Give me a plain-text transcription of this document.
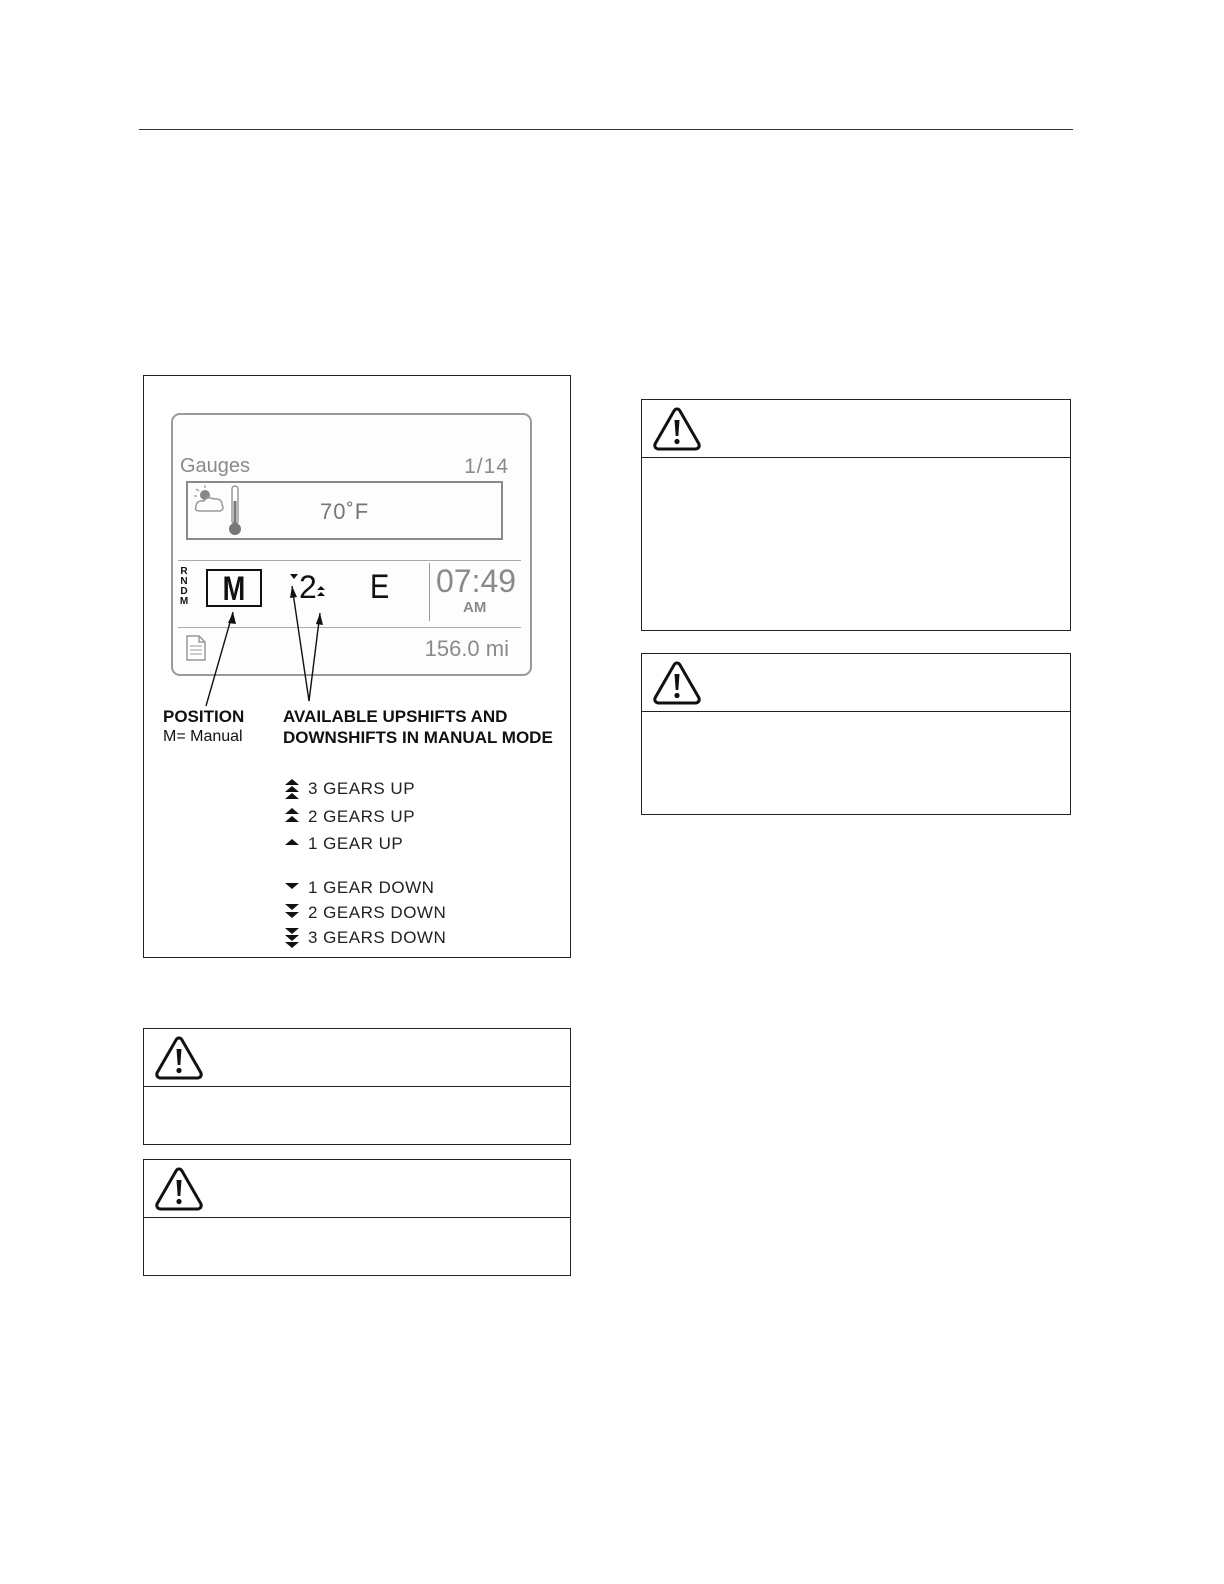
Gauges	1/14
70˚F
R
N
D
M M 2 E 07:49
AM
156.0 mi
POSITION
M= Manual
AVAILABLE UPSHIFTS AND
DOWNSHIFTS IN MANUAL MODE
3 GEARS UP
2 GEARS UP
1 GEAR UP
1 GEAR DOWN
2 GEARS DOWN
3 GEARS DOWN
